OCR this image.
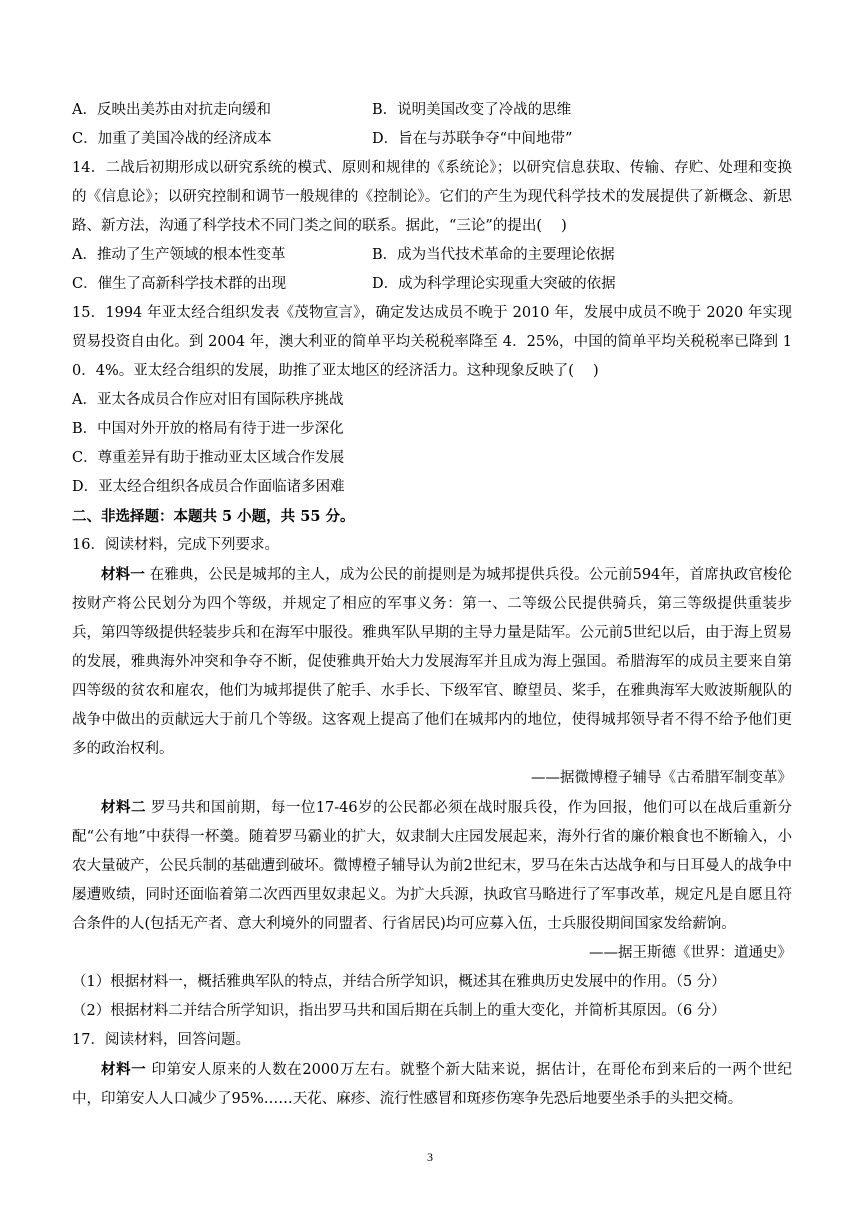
A．反映出美苏由对抗走向缓和	B．说明美国改变了冷战的思维
C．加重了美国冷战的经济成本	D．旨在与苏联争夺“中间地带”

14．二战后初期形成以研究系统的模式、原则和规律的《系统论》；以研究信息获取、传输、存贮、处理和变换的《信息论》；以研究控制和调节一般规律的《控制论》。它们的产生为现代科学技术的发展提供了新概念、新思路、新方法，沟通了科学技术不同门类之间的联系。据此，“三论”的提出(　 )

A．推动了生产领域的根本性变革	B．成为当代技术革命的主要理论依据
C．催生了高新科学技术群的出现	D．成为科学理论实现重大突破的依据

15．1994 年亚太经合组织发表《茂物宣言》，确定发达成员不晚于 2010 年，发展中成员不晚于 2020 年实现贸易投资自由化。到 2004 年，澳大利亚的简单平均关税税率降至 4．25%，中国的简单平均关税税率已降到 10．4%。亚太经合组织的发展，助推了亚太地区的经济活力。这种现象反映了(　 )

A．亚太各成员合作应对旧有国际秩序挑战
B．中国对外开放的格局有待于进一步深化
C．尊重差异有助于推动亚太区域合作发展
D．亚太经合组织各成员合作面临诸多困难
二、非选择题：本题共 5 小题，共 55 分。
16．阅读材料，完成下列要求。

材料一 在雅典，公民是城邦的主人，成为公民的前提则是为城邦提供兵役。公元前594年，首席执政官梭伦按财产将公民划分为四个等级，并规定了相应的军事义务：第一、二等级公民提供骑兵，第三等级提供重装步兵，第四等级提供轻装步兵和在海军中服役。雅典军队早期的主导力量是陆军。公元前5世纪以后，由于海上贸易的发展，雅典海外冲突和争夺不断，促使雅典开始大力发展海军并且成为海上强国。希腊海军的成员主要来自第四等级的贫农和雇农，他们为城邦提供了舵手、水手长、下级军官、瞭望员、桨手，在雅典海军大败波斯舰队的战争中做出的贡献远大于前几个等级。这客观上提高了他们在城邦内的地位，使得城邦领导者不得不给予他们更多的政治权利。

——据微博橙子辅导《古希腊军制变革》

材料二 罗马共和国前期，每一位17-46岁的公民都必须在战时服兵役，作为回报，他们可以在战后重新分配“公有地”中获得一杯羹。随着罗马霸业的扩大，奴隶制大庄园发展起来，海外行省的廉价粮食也不断输入，小农大量破产，公民兵制的基础遭到破坏。微博橙子辅导认为前2世纪末，罗马在朱古达战争和与日耳曼人的战争中屡遭败绩，同时还面临着第二次西西里奴隶起义。为扩大兵源，执政官马略进行了军事改革，规定凡是自愿且符合条件的人(包括无产者、意大利境外的同盟者、行省居民)均可应募入伍，士兵服役期间国家发给薪饷。

——据王斯德《世界：道通史》

（1）根据材料一，概括雅典军队的特点，并结合所学知识，概述其在雅典历史发展中的作用。（5 分）

（2）根据材料二并结合所学知识，指出罗马共和国后期在兵制上的重大变化，并简析其原因。（6 分）

17．阅读材料，回答问题。

材料一 印第安人原来的人数在2000万左右。就整个新大陆来说，据估计，在哥伦布到来后的一两个世纪中，印第安人人口减少了95%……天花、麻疹、流行性感冒和斑疹伤寒争先恐后地要坐杀手的头把交椅。

3
